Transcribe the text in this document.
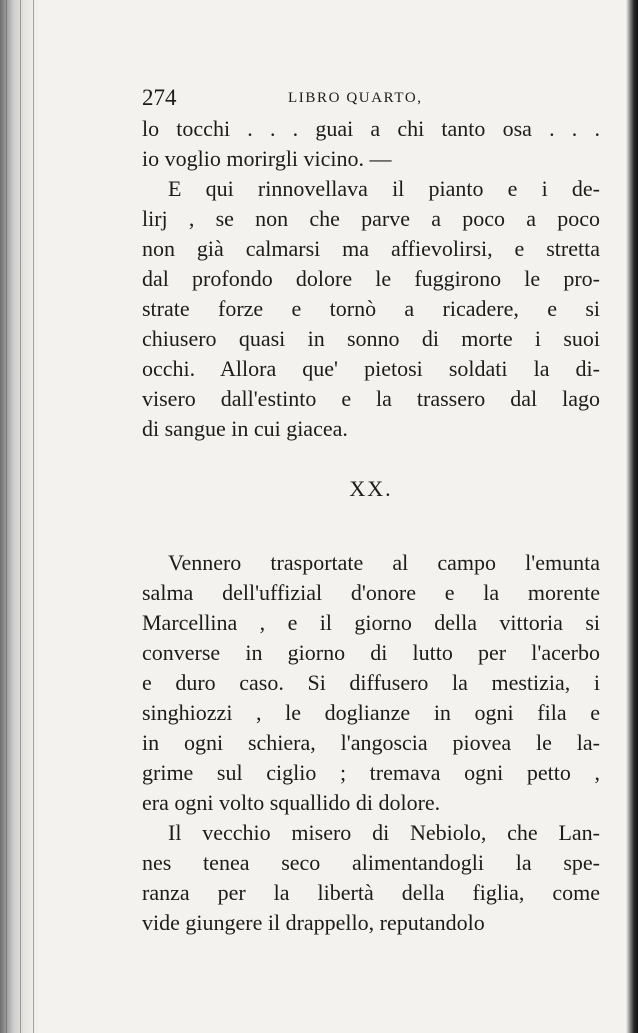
274	LIBRO QUARTO,
lo tocchi . . . guai a chi tanto osa . . .
io voglio morirgli vicino. —
E qui rinnovellava il pianto e i de-
lirj , se non che parve a poco a poco
non già calmarsi ma affievolirsi, e stretta
dal profondo dolore le fuggirono le pro-
strate forze e tornò a ricadere, e si
chiusero quasi in sonno di morte i suoi
occhi. Allora que' pietosi soldati la di-
visero dall'estinto e la trassero dal lago
di sangue in cui giacea.
XX.
Vennero trasportate al campo l'emunta
salma dell'uffizial d'onore e la morente
Marcellina , e il giorno della vittoria si
converse in giorno di lutto per l'acerbo
e duro caso. Si diffusero la mestizia, i
singhiozzi , le doglianze in ogni fila e
in ogni schiera, l'angoscia piovea le la-
grime sul ciglio ; tremava ogni petto ,
era ogni volto squallido di dolore.
Il vecchio misero di Nebiolo, che Lan-
nes tenea seco alimentandogli la spe-
ranza per la libertà della figlia, come
vide giungere il drappello, reputandolo
